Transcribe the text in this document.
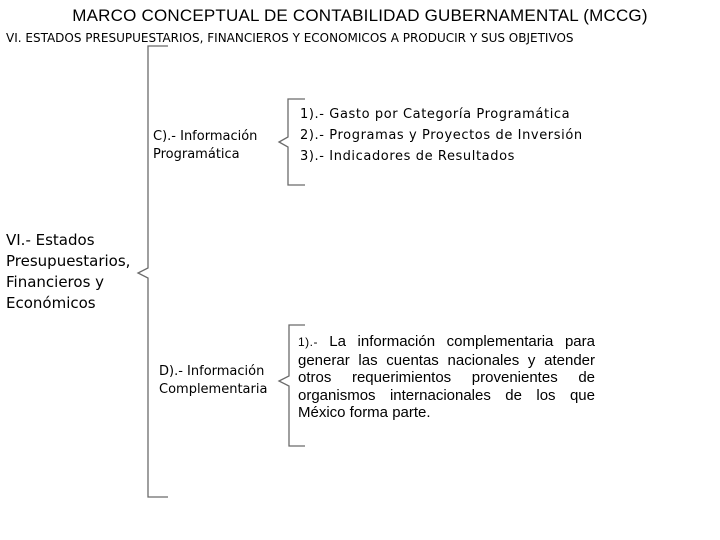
MARCO CONCEPTUAL DE CONTABILIDAD GUBERNAMENTAL (MCCG)
VI. ESTADOS PRESUPUESTARIOS, FINANCIEROS Y ECONOMICOS A PRODUCIR Y SUS OBJETIVOS
VI.- Estados Presupuestarios, Financieros y Económicos
C).- Información Programática
1).- Gasto por Categoría Programática
2).- Programas y Proyectos de Inversión
3).- Indicadores de Resultados
D).- Información Complementaria
1).- La información complementaria para generar las cuentas nacionales y atender otros requerimientos provenientes de organismos internacionales de los que México forma parte.
